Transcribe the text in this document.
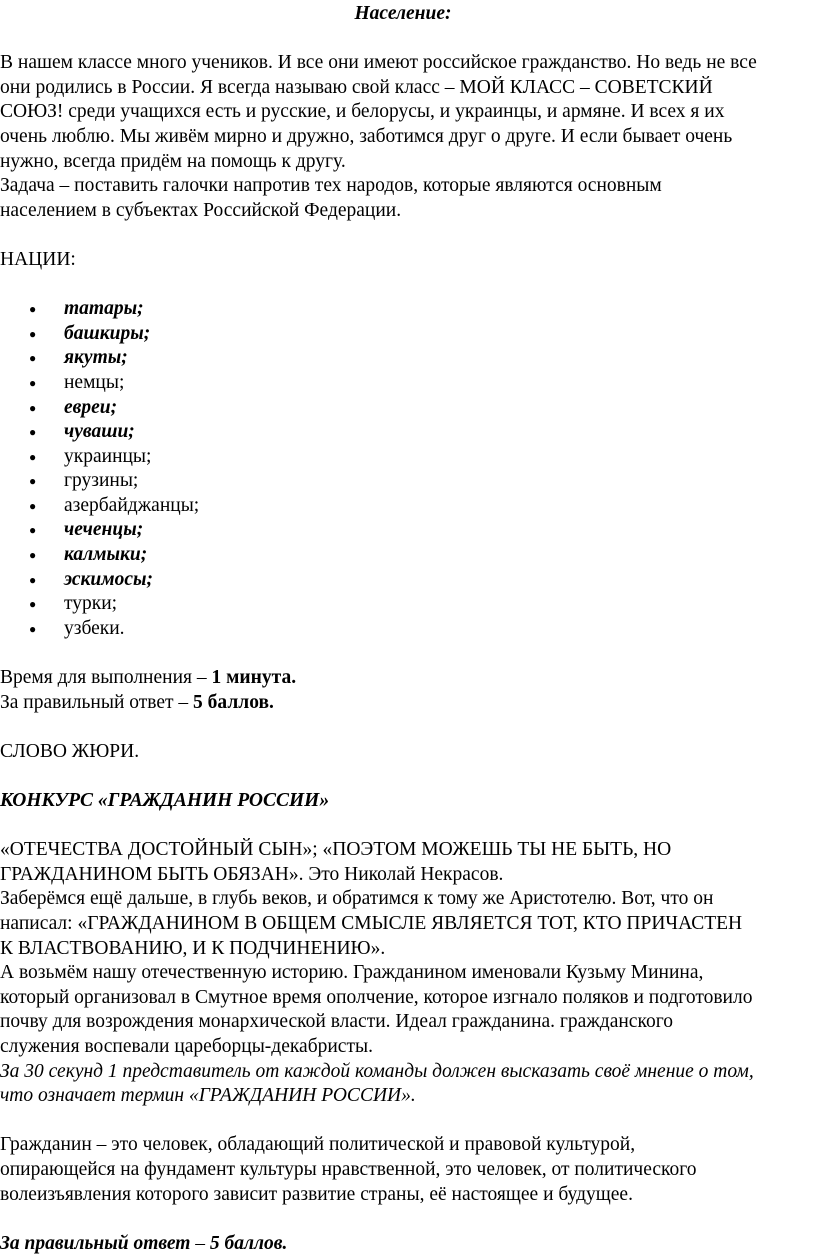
Население:

В нашем классе много учеников. И все они имеют российское гражданство. Но ведь не все

они родились в России. Я всегда называю свой класс – МОЙ КЛАСС – СОВЕТСКИЙ

СОЮЗ! среди учащихся есть и русские, и белорусы, и украинцы, и армяне. И всех я их

очень люблю. Мы живём мирно и дружно, заботимся друг о друге. И если бывает очень

нужно, всегда придём на помощь к другу.

Задача – поставить галочки напротив тех народов, которые являются основным

населением в субъектах Российской Федерации.

НАЦИИ:

● татары;
● башкиры;
● якуты;
● немцы;
● евреи;
● чуваши;
● украинцы;
● грузины;
● азербайджанцы;
● чеченцы;
● калмыки;
● эскимосы;
● турки;
● узбеки.

Время для выполнения – 1 минута.

За правильный ответ – 5 баллов.

СЛОВО ЖЮРИ.

КОНКУРС «ГРАЖДАНИН РОССИИ»

«ОТЕЧЕСТВА ДОСТОЙНЫЙ СЫН»; «ПОЭТОМ МОЖЕШЬ ТЫ НЕ БЫТЬ, НО

ГРАЖДАНИНОМ БЫТЬ ОБЯЗАН». Это Николай Некрасов.

Заберёмся ещё дальше, в глубь веков, и обратимся к тому же Аристотелю. Вот, что он

написал: «ГРАЖДАНИНОМ В ОБЩЕМ СМЫСЛЕ ЯВЛЯЕТСЯ ТОТ, КТО ПРИЧАСТЕН

К ВЛАСТВОВАНИЮ, И К ПОДЧИНЕНИЮ».

А возьмём нашу отечественную историю. Гражданином именовали Кузьму Минина,

который организовал в Смутное время ополчение, которое изгнало поляков и подготовило

почву для возрождения монархической власти. Идеал гражданина. гражданского

служения воспевали цареборцы-декабристы.

За 30 секунд 1 представитель от каждой команды должен высказать своё мнение о том,

что означает термин «ГРАЖДАНИН РОССИИ».

Гражданин – это человек, обладающий политической и правовой культурой,

опирающейся на фундамент культуры нравственной, это человек, от политического

волеизъявления которого зависит развитие страны, её настоящее и будущее.

За правильный ответ – 5 баллов.
